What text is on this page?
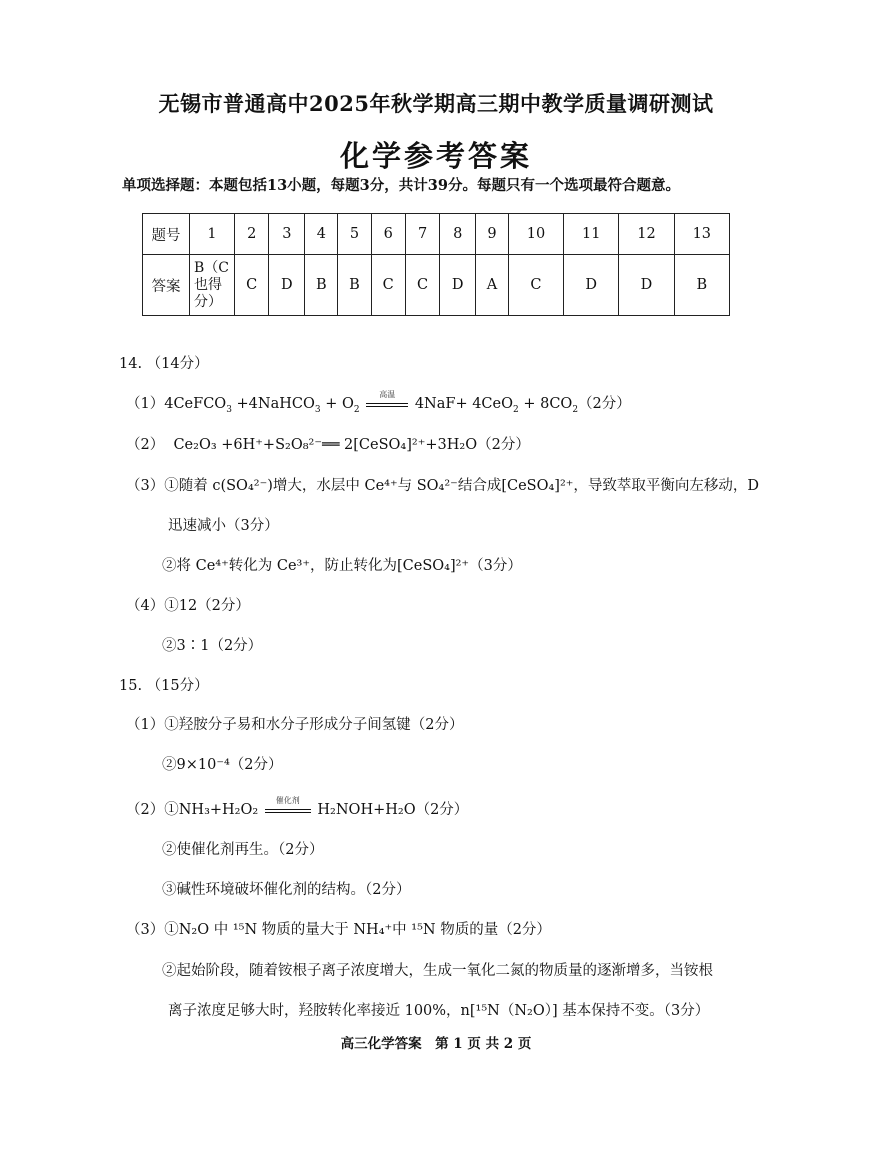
无锡市普通高中2025年秋学期高三期中教学质量调研测试
化学参考答案
单项选择题：本题包括13小题，每题3分，共计39分。每题只有一个选项最符合题意。
题号	1	2	3	4	5	6	7	8	9	10	11	12	13
答案	B（C也得分）	C	D	B	B	C	C	D	A	C	D	D	B
14. （14分）
（1）4CeFCO$_3$ +4NaHCO$_3$ + $O_2$
高温
$4NaF+ 4CeO_2 + 8CO_2(2$分）
（2） Ce₂O₃ +6H⁺+S₂O₈²⁻══ 2[CeSO₄]²⁺+3H₂O（2分）
（3）①随着 c(SO₄²⁻)增大，水层中 Ce⁴⁺与 SO₄²⁻结合成[CeSO₄]²⁺，导致萃取平衡向左移动，D
迅速减小（3分）
②将 Ce⁴⁺转化为 Ce³⁺，防止转化为[CeSO₄]²⁺（3分）
（4）①12（2分）
②3∶1（2分）
15. （15分）
（1）①羟胺分子易和水分子形成分子间氢键（2分）
②9×10⁻⁴（2分）
（2）①NH₃+H₂O₂
催化剂
H₂NOH+H₂O（2分）
②使催化剂再生。（2分）
③碱性环境破坏催化剂的结构。（2分）
（3）①N₂O 中 ¹⁵N 物质的量大于 NH₄⁺中 ¹⁵N 物质的量（2分）
②起始阶段，随着铵根子离子浓度增大，生成一氧化二氮的物质量的逐渐增多，当铵根
离子浓度足够大时，羟胺转化率接近 100%，n[¹⁵N（N₂O）] 基本保持不变。（3分）
高三化学答案　第 1 页 共 2 页
